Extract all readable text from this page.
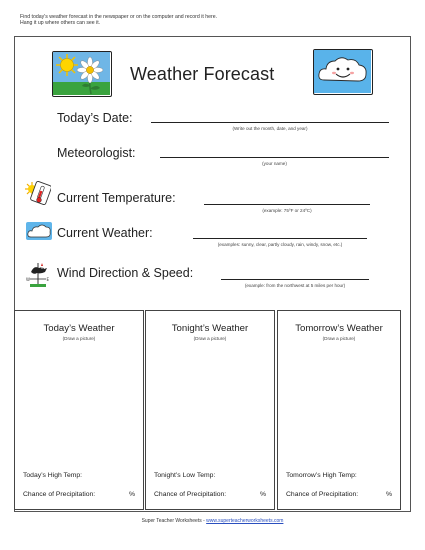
Find today's weather forecast in the newspaper or on the computer and record it here.
Hang it up where others can see it.
Weather Forecast
Today’s Date:
(Write out the month, date, and year)
Meteorologist:
(your name)
Current Temperature:
(example: 75ºF or 24ºC)
Current Weather:
(examples: sunny, clear, partly cloudy, rain, windy, snow, etc.)
W	E Wind Direction & Speed:
(example: from the northwest at 5 miles per hour)
Today’s Weather
(Draw a picture)
Today’s High Temp:
Chance of Precipitation:	%
Tonight’s Weather
(Draw a picture)
Tonight’s Low Temp:
Chance of Precipitation:	%
Tomorrow’s Weather
(Draw a picture)
Tomorrow’s High Temp:
Chance of Precipitation:	%
Super Teacher Worksheets - www.superteacherworksheets.com
